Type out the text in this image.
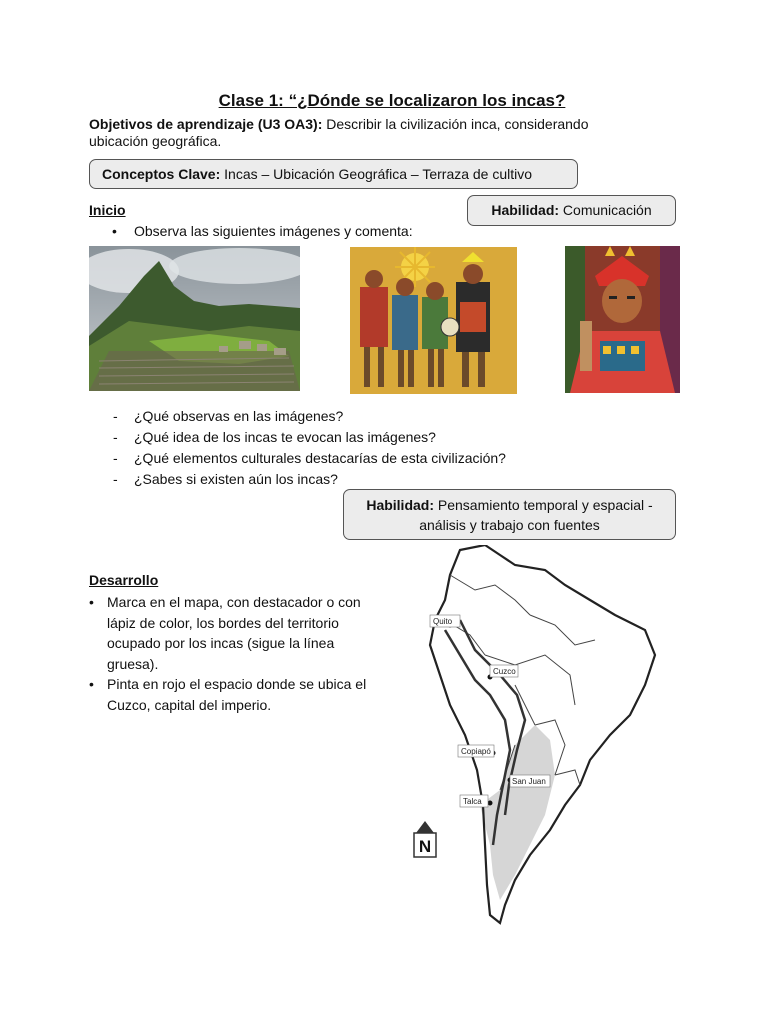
Clase 1: “¿Dónde se localizaron los incas?
Objetivos de aprendizaje (U3 OA3): Describir la civilización inca, considerando ubicación geográfica.
Conceptos Clave: Incas – Ubicación Geográfica – Terraza de cultivo
Inicio	Habilidad: Comunicación
• Observa las siguientes imágenes y comenta:
- ¿Qué observas en las imágenes?
- ¿Qué idea de los incas te evocan las imágenes?
- ¿Qué elementos culturales destacarías de esta civilización?
- ¿Sabes si existen aún los incas?
Habilidad: Pensamiento temporal y espacial - análisis y trabajo con fuentes
Desarrollo
• Marca en el mapa, con destacador o con lápiz de color, los bordes del territorio ocupado por los incas (sigue la línea gruesa).
• Pinta en rojo el espacio donde se ubica el Cuzco, capital del imperio.
Quito
Cuzco
Copiapó
San Juan
Talca
N
